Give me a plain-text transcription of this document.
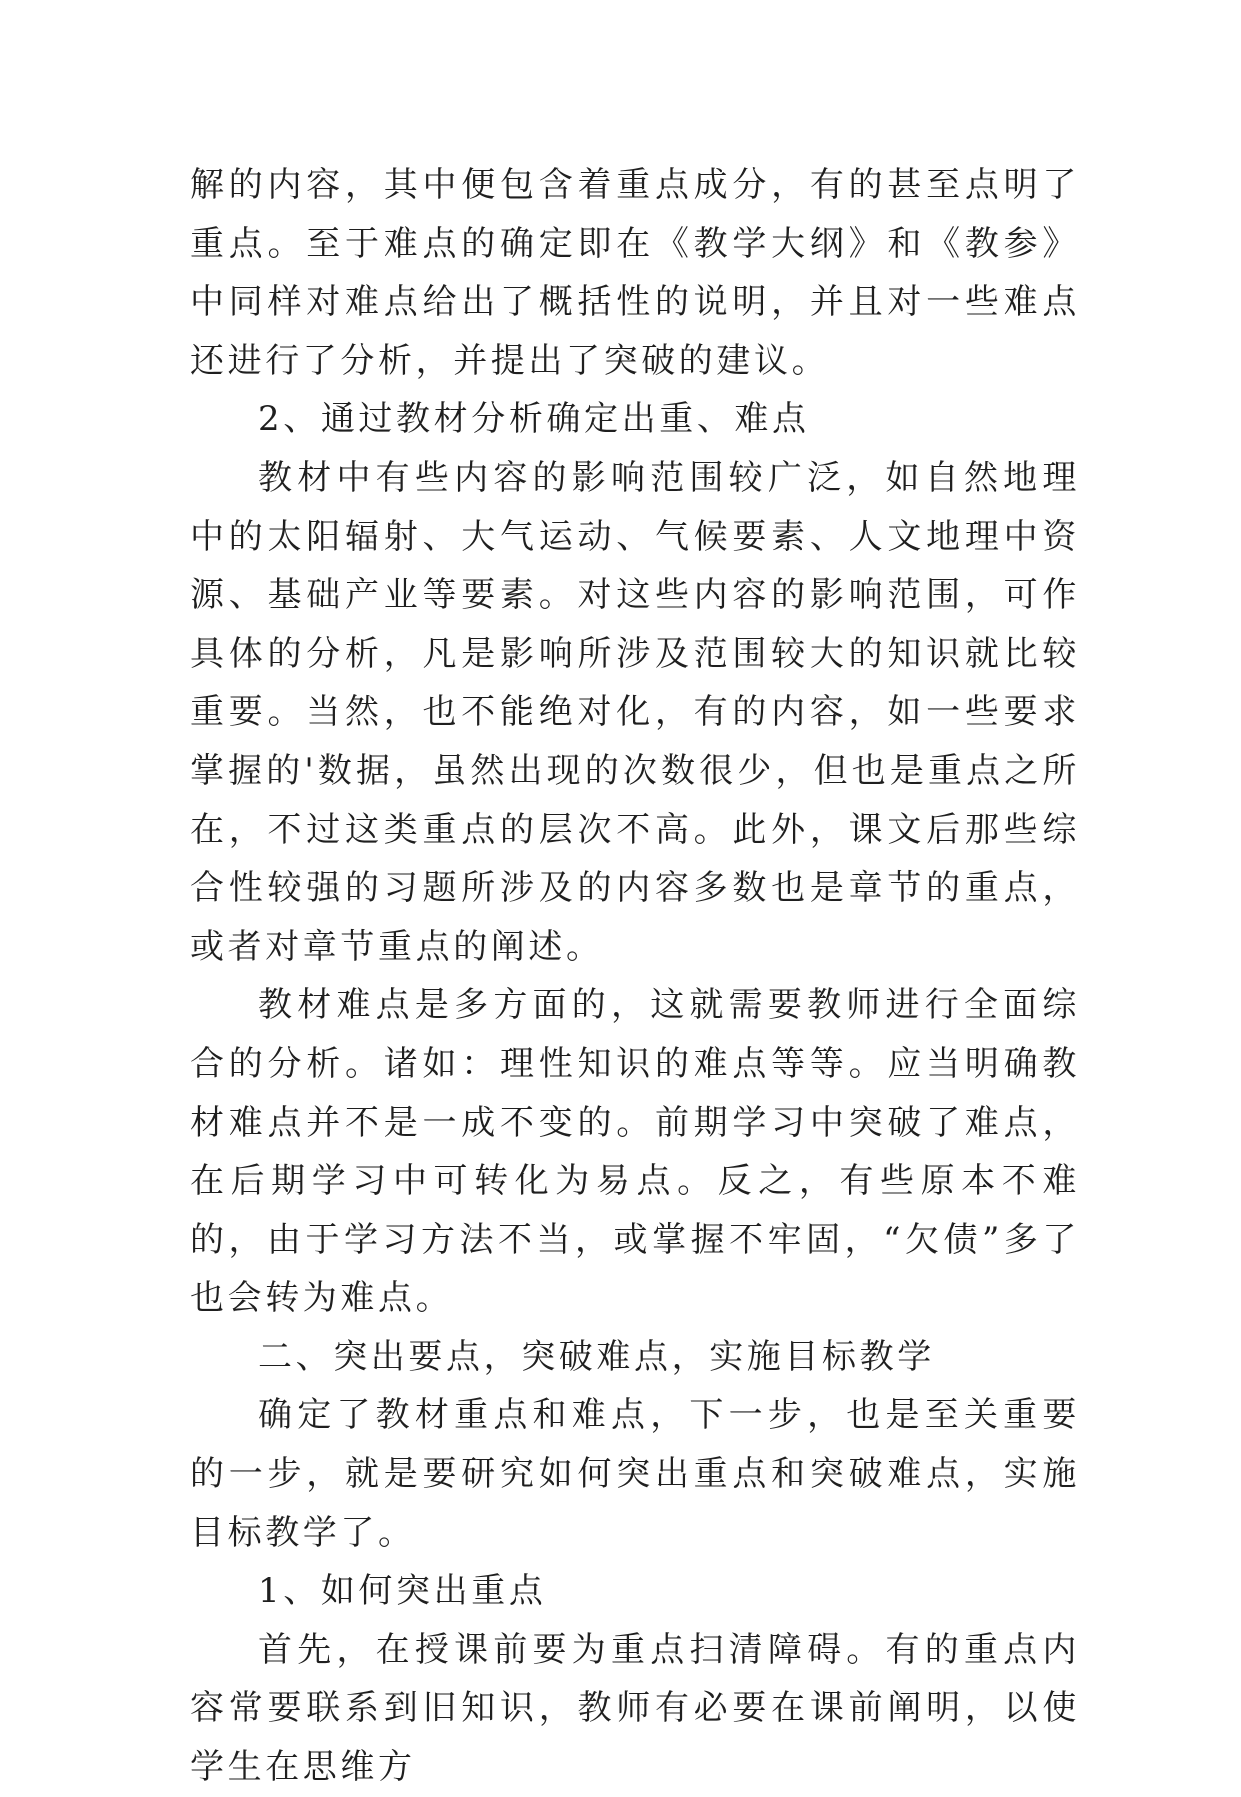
解的内容，其中便包含着重点成分，有的甚至点明了重点。至于难点的确定即在《教学大纲》和《教参》中同样对难点给出了概括性的说明，并且对一些难点还进行了分析，并提出了突破的建议。

2、通过教材分析确定出重、难点

教材中有些内容的影响范围较广泛，如自然地理中的太阳辐射、大气运动、气候要素、人文地理中资源、基础产业等要素。对这些内容的影响范围，可作具体的分析，凡是影响所涉及范围较大的知识就比较重要。当然，也不能绝对化，有的内容，如一些要求掌握的'数据，虽然出现的次数很少，但也是重点之所在，不过这类重点的层次不高。此外，课文后那些综合性较强的习题所涉及的内容多数也是章节的重点，或者对章节重点的阐述。

教材难点是多方面的，这就需要教师进行全面综合的分析。诸如：理性知识的难点等等。应当明确教材难点并不是一成不变的。前期学习中突破了难点，在后期学习中可转化为易点。反之，有些原本不难的，由于学习方法不当，或掌握不牢固，“欠债”多了也会转为难点。

二、突出要点，突破难点，实施目标教学

确定了教材重点和难点，下一步，也是至关重要的一步，就是要研究如何突出重点和突破难点，实施目标教学了。

1、如何突出重点

首先，在授课前要为重点扫清障碍。有的重点内容常要联系到旧知识，教师有必要在课前阐明，以使学生在思维方
